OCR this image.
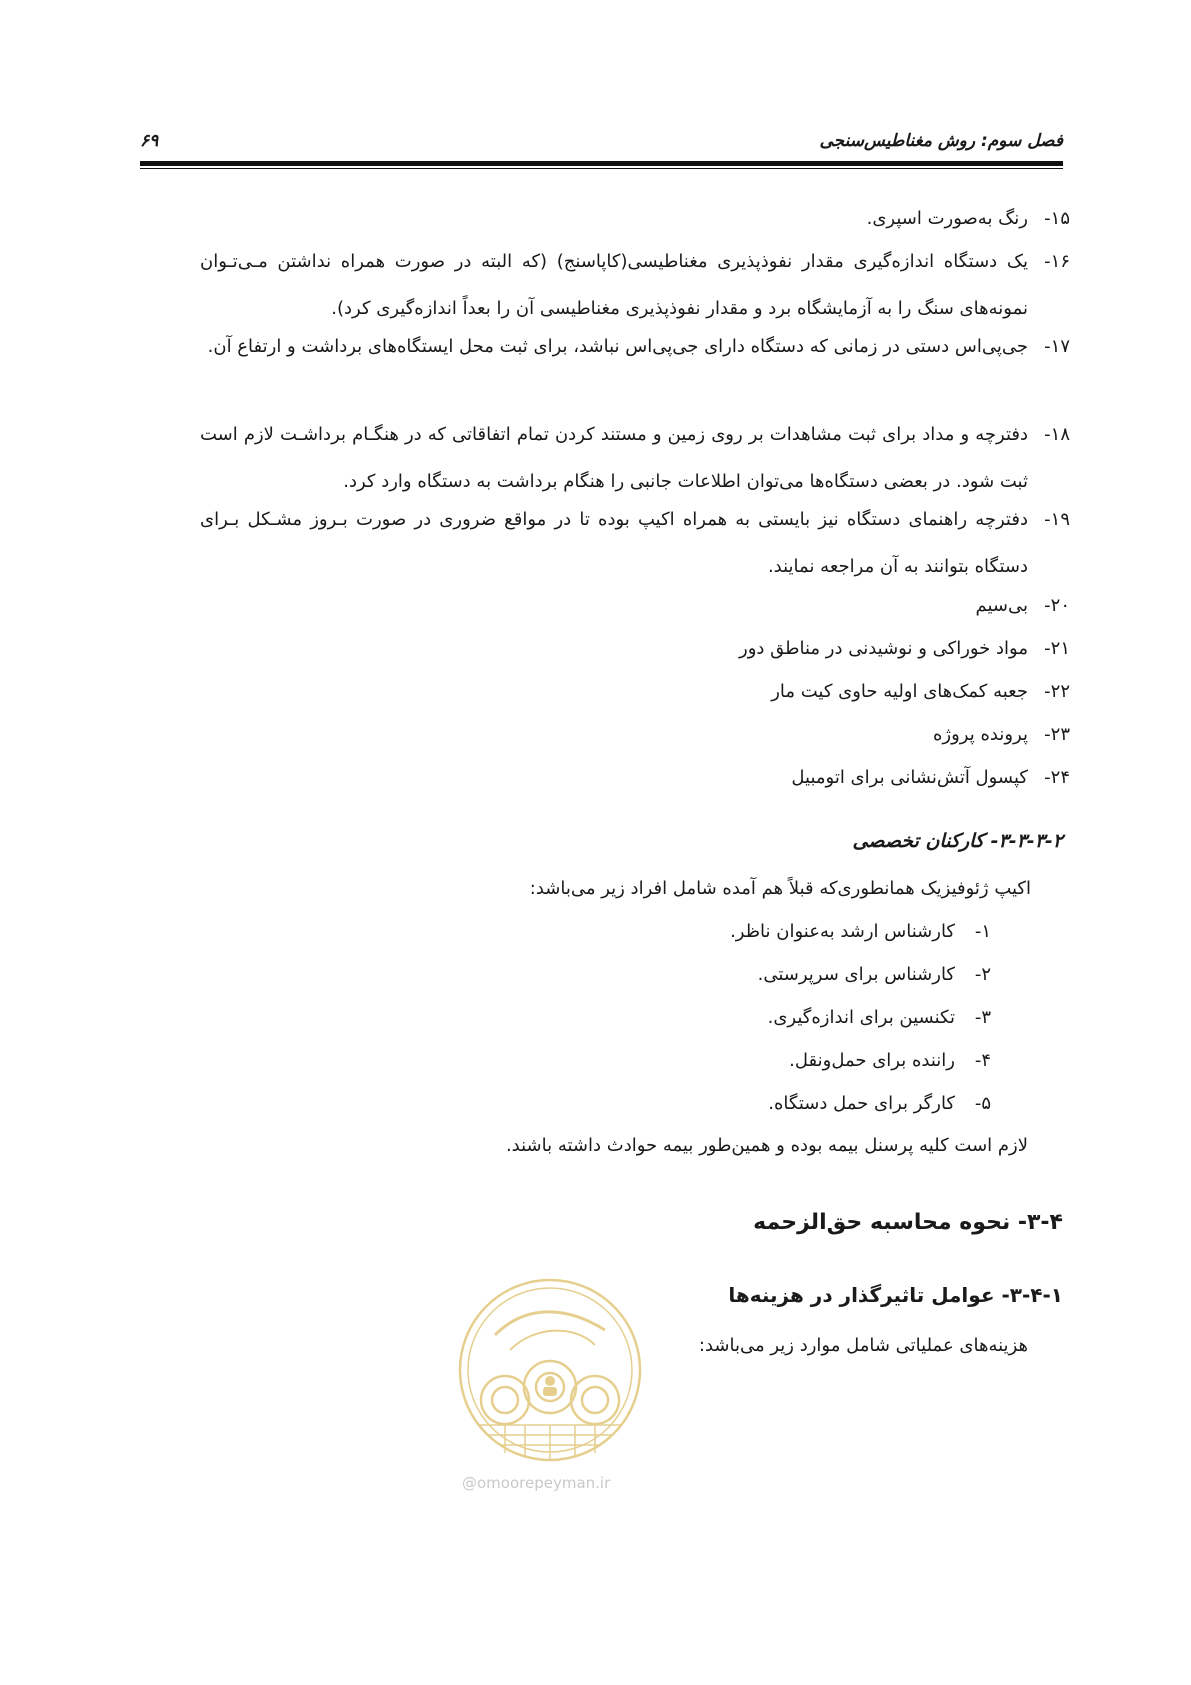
فصل سوم: روش مغناطیس‌سنجی
۶۹
۱۵-
رنگ به‌صورت اسپری.
۱۶-
یک دستگاه اندازه‌گیری مقدار نفوذپذیری مغناطیسی(کاپاسنج) (که البته در صورت همراه نداشتن مـی‌تـوان نمونه‌های سنگ را به آزمایشگاه برد و مقدار نفوذپذیری مغناطیسی آن را بعداً اندازه‌گیری کرد).
۱۷-
جی‌پی‌اس دستی در زمانی که دستگاه دارای جی‌پی‌اس نباشد، برای ثبت محل ایستگاه‌های برداشت و ارتفاع آن.
۱۸-
دفترچه و مداد برای ثبت مشاهدات بر روی زمین و مستند کردن تمام اتفاقاتی که در هنگـام برداشـت لازم است ثبت شود. در بعضی دستگاه‌ها می‌توان اطلاعات جانبی را هنگام برداشت به دستگاه وارد کرد.
۱۹-
دفترچه راهنمای دستگاه نیز بایستی به همراه اکیپ بوده تا در مواقع ضروری در صورت بـروز مشـکل بـرای دستگاه بتوانند به آن مراجعه نمایند.
۲۰-
بی‌سیم
۲۱-
مواد خوراکی و نوشیدنی در مناطق دور
۲۲-
جعبه کمک‌های اولیه حاوی کیت مار
۲۳-
پرونده پروژه
۲۴-
کپسول آتش‌نشانی برای اتومبیل
۳-۳-۳-۲- کارکنان تخصصی
اکیپ ژئوفیزیک همانطوری‌که قبلاً هم آمده شامل افراد زیر می‌باشد:
۱-کارشناس ارشد به‌عنوان ناظر.
۲-کارشناس برای سرپرستی.
۳-تکنسین برای اندازه‌گیری.
۴-راننده برای حمل‌ونقل.
۵-کارگر برای حمل دستگاه.
لازم است کلیه پرسنل بیمه بوده و همین‌طور بیمه حوادث داشته باشند.
۳-۴- نحوه محاسبه حق‌الزحمه
۳-۴-۱- عوامل تاثیرگذار در هزینه‌ها
هزینه‌های عملیاتی شامل موارد زیر می‌باشد:
@omoorepeyman.ir
